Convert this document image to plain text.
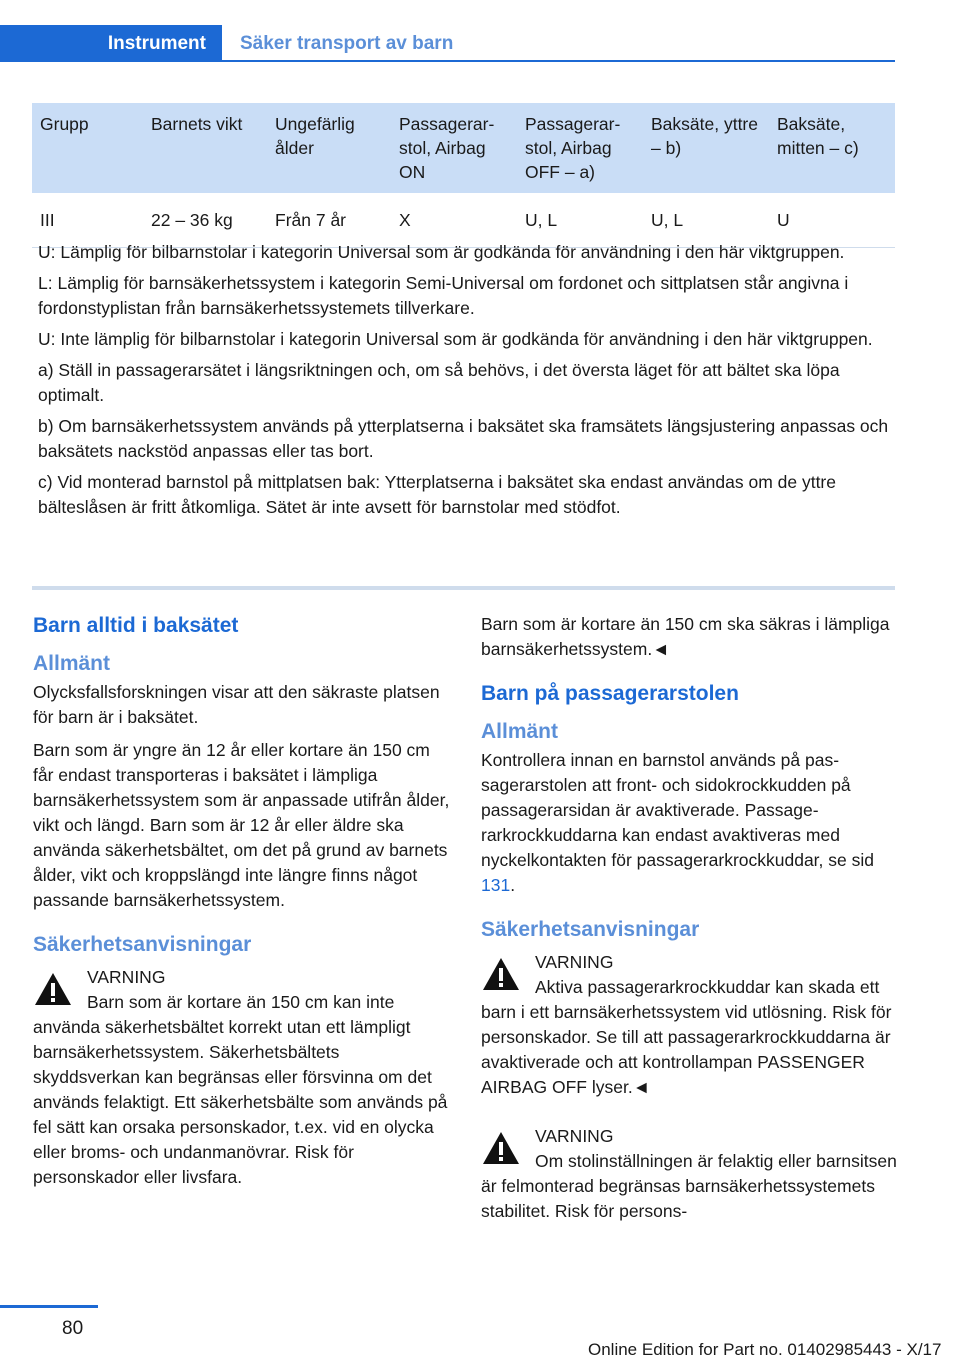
Instrument	Säker transport av barn
Grupp	Barnets vikt	Ungefärlig ålder	Passagerar-stol, Airbag ON	Passagerar-stol, Airbag OFF – a)	Baksäte, yttre – b)	Baksäte, mitten – c)
III	22 – 36 kg	Från 7 år	X	U, L	U, L	U

U: Lämplig för bilbarnstolar i kategorin Universal som är godkända för användning i den här viktgruppen.

L: Lämplig för barnsäkerhetssystem i kategorin Semi-Universal om fordonet och sittplatsen står angivna i fordonstyplistan från barnsäkerhetssystemets tillverkare.

U: Inte lämplig för bilbarnstolar i kategorin Universal som är godkända för användning i den här viktgruppen.

a) Ställ in passagerarsätet i längsriktningen och, om så behövs, i det översta läget för att bältet ska löpa optimalt.

b) Om barnsäkerhetssystem används på ytterplatserna i baksätet ska framsätets längsjustering anpassas och baksätets nackstöd anpassas eller tas bort.

c) Vid monterad barnstol på mittplatsen bak: Ytterplatserna i baksätet ska endast användas om de yttre bälteslåsen är fritt åtkomliga. Sätet är inte avsett för barnstolar med stödfot.

Barn alltid i baksätet
Allmänt

Olycksfallsforskningen visar att den säkraste platsen för barn är i baksätet.

Barn som är yngre än 12 år eller kortare än 150 cm får endast transporteras i baksätet i lämpliga barnsäkerhetssystem som är anpassade utifrån ålder, vikt och längd. Barn som är 12 år eller äldre ska använda säkerhetsbältet, om det på grund av barnets ålder, vikt och kroppslängd inte längre finns något passande barnsäkerhetssystem.

Säkerhetsanvisningar
VARNING
Barn som är kortare än 150 cm kan inte använda säkerhetsbältet korrekt utan ett lämpligt barnsäkerhetssystem. Säkerhetsbältets skyddsverkan kan begränsas eller försvinna om det används felaktigt. Ett säkerhetsbälte som används på fel sätt kan orsaka personskador, t.ex. vid en olycka eller broms- och undanmanövrar. Risk för personskador eller livsfara.

Barn som är kortare än 150 cm ska säkras i lämpliga barnsäkerhetssystem.◄

Barn på passagerarstolen
Allmänt

Kontrollera innan en barnstol används på passagerarstolen att front- och sidokrockkudden på passagerarsidan är avaktiverade. Passagerarkrockkuddarna kan endast avaktiveras med nyckelkontakten för passagerarkrockkuddar, se sid 131.

Säkerhetsanvisningar
VARNING
Aktiva passagerarkrockkuddar kan skada ett barn i ett barnsäkerhetssystem vid utlösning. Risk för personskador. Se till att passagerarkrockkuddarna är avaktiverade och att kontrollampan PASSENGER AIRBAG OFF lyser.◄
VARNING
Om stolinställningen är felaktig eller barnsitsen är felmonterad begränsas barnsäkerhetssystemets stabilitet. Risk för persons-
80
Online Edition for Part no. 01402985443 - X/17
